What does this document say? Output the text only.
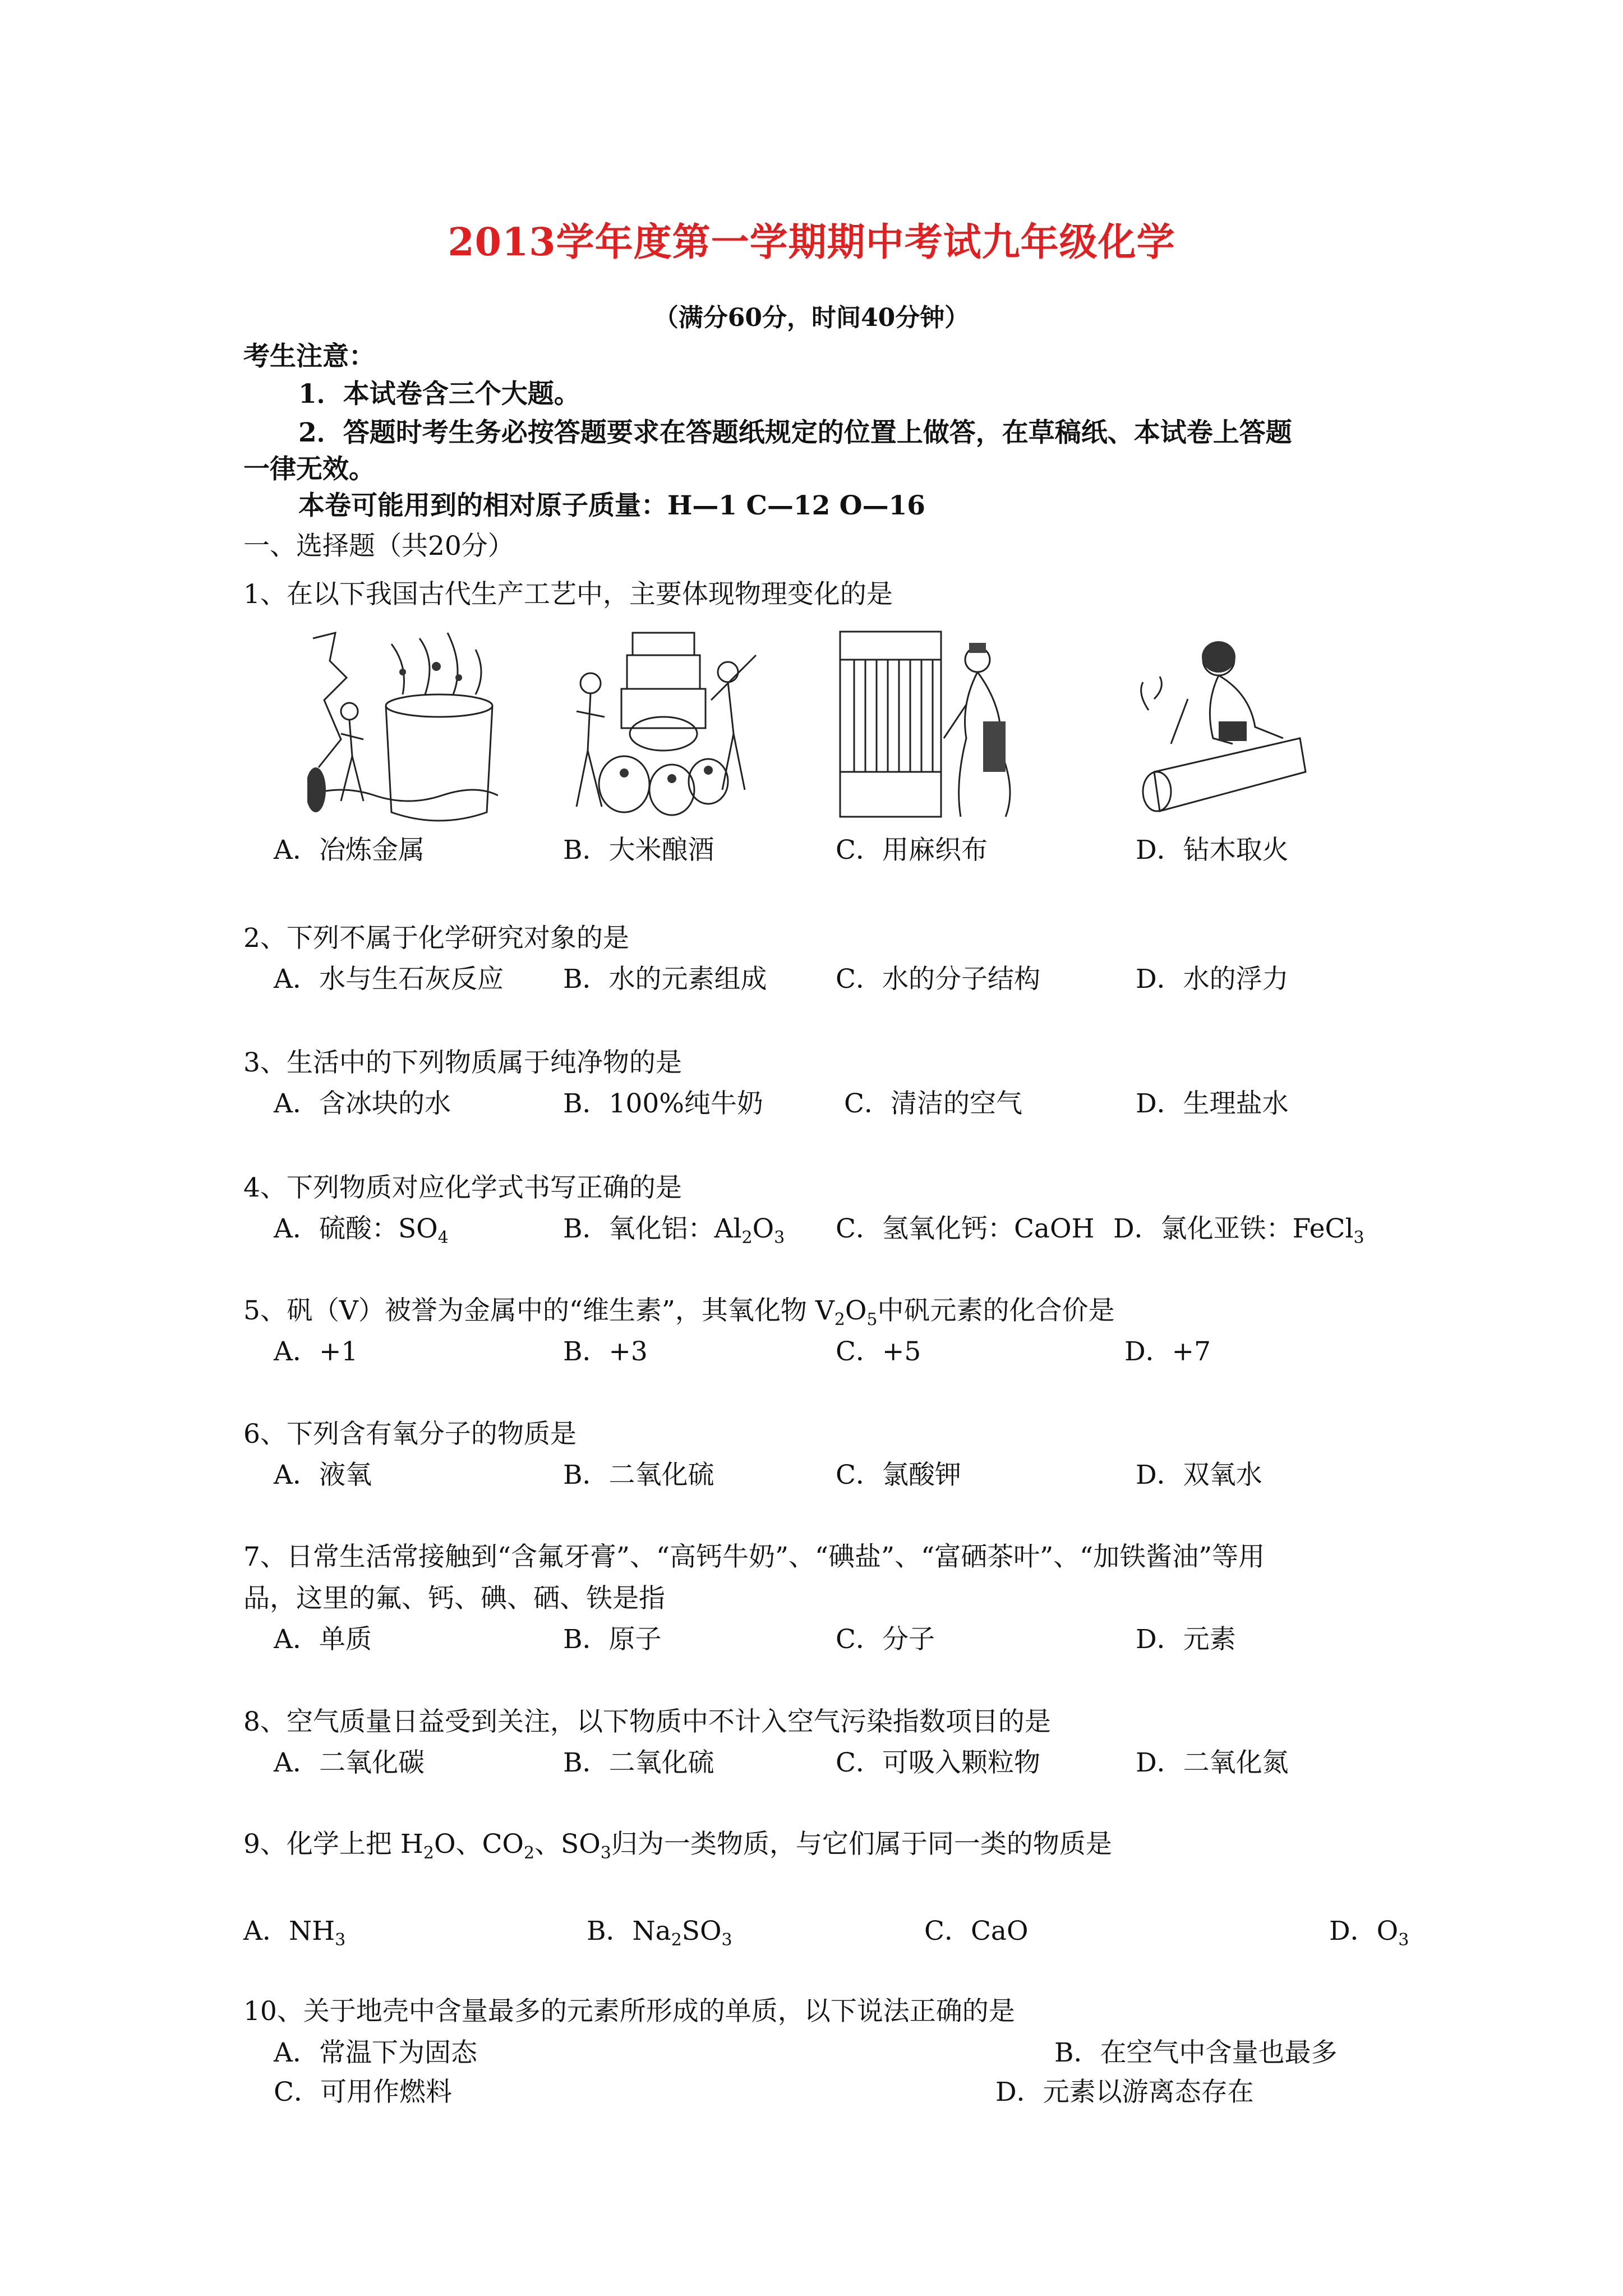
2013学年度第一学期期中考试九年级化学
（满分60分，时间40分钟）
考生注意：
1．本试卷含三个大题。
2．答题时考生务必按答题要求在答题纸规定的位置上做答，在草稿纸、本试卷上答题
一律无效。
本卷可能用到的相对原子质量：H—1 C—12 O—16
一、选择题（共20分）
1、在以下我国古代生产工艺中，主要体现物理变化的是
A．冶炼金属	B．大米酿酒	C．用麻织布	D．钻木取火
2、下列不属于化学研究对象的是
A．水与生石灰反应 B．水的元素组成	C．水的分子结构	D．水的浮力
3、生活中的下列物质属于纯净物的是
A．含冰块的水	B．100%纯牛奶	C．清洁的空气	D．生理盐水
4、下列物质对应化学式书写正确的是
A．硫酸：$SO_4$	B．氧化铝：$Al_2O_3$ C．氢氧化钙：CaOH D．氯化亚铁：FeCl$_3$
5、矾（V）被誉为金属中的“维生素”，其氧化物 $V_2O_5$中矾元素的化合价是
A．+1	B．+3	C．+5	D．+7
6、下列含有氧分子的物质是
A．液氧	B．二氧化硫	C．氯酸钾	D．双氧水
7、日常生活常接触到“含氟牙膏”、“高钙牛奶”、“碘盐”、“富硒茶叶”、“加铁酱油”等用
品，这里的氟、钙、碘、硒、铁是指
A．单质	B．原子	C．分子	D．元素
8、空气质量日益受到关注，以下物质中不计入空气污染指数项目的是
A．二氧化碳	B．二氧化硫	C．可吸入颗粒物	D．二氧化氮
9、化学上把 $H_2O$、$CO_2$、$SO_3$归为一类物质，与它们属于同一类的物质是
A．$NH_3$	B．$Na_2SO_3$	C．CaO	D．$O_3$
10、关于地壳中含量最多的元素所形成的单质，以下说法正确的是
A．常温下为固态	B．在空气中含量也最多
C．可用作燃料	D．元素以游离态存在
